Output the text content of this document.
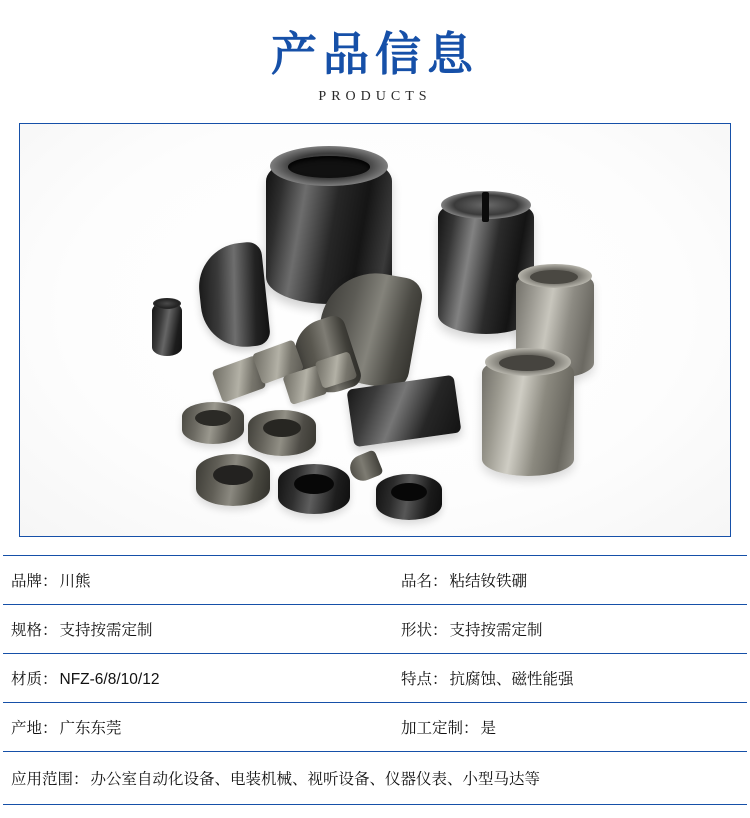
产品信息
PRODUCTS
品牌： 川熊	品名： 粘结钕铁硼

规格： 支持按需定制	形状： 支持按需定制

材质： NFZ-6/8/10/12	特点： 抗腐蚀、磁性能强

产地： 广东东莞	加工定制： 是

应用范围： 办公室自动化设备、电装机械、视听设备、仪器仪表、小型马达等	
